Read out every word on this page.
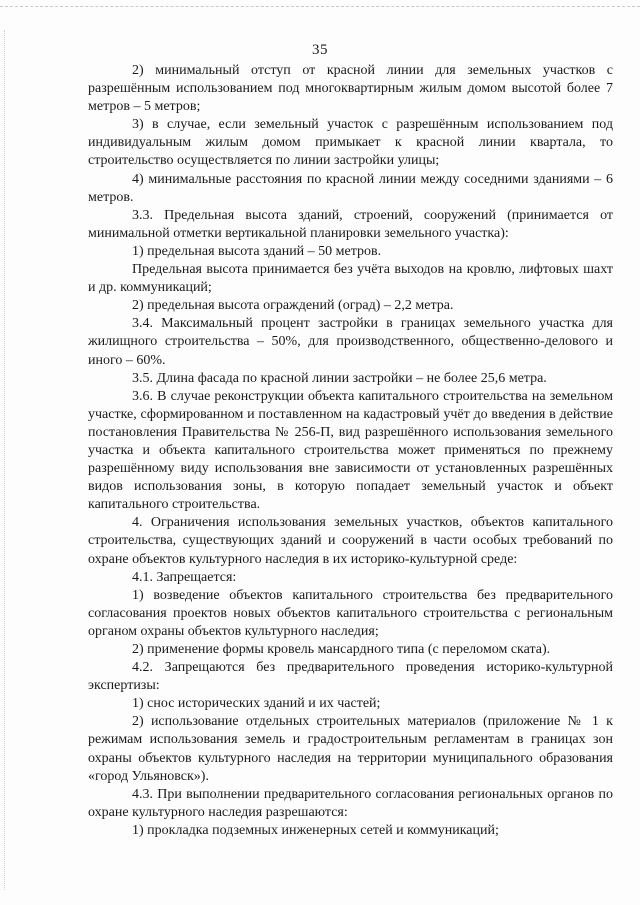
35

2) минимальный отступ от красной линии для земельных участков с разрешённым использованием под многоквартирным жилым домом высотой более 7 метров – 5 метров;

3) в случае, если земельный участок с разрешённым использованием под индивидуальным жилым домом примыкает к красной линии квартала, то строительство осуществляется по линии застройки улицы;

4) минимальные расстояния по красной линии между соседними зданиями – 6 метров.

3.3. Предельная высота зданий, строений, сооружений (принимается от минимальной отметки вертикальной планировки земельного участка):

1) предельная высота зданий – 50 метров.

Предельная высота принимается без учёта выходов на кровлю, лифтовых шахт и др. коммуникаций;

2) предельная высота ограждений (оград) – 2,2 метра.

3.4. Максимальный процент застройки в границах земельного участка для жилищного строительства – 50%, для производственного, общественно-делового и иного – 60%.

3.5. Длина фасада по красной линии застройки – не более 25,6 метра.

3.6. В случае реконструкции объекта капитального строительства на земельном участке, сформированном и поставленном на кадастровый учёт до введения в действие постановления Правительства № 256-П, вид разрешённого использования земельного участка и объекта капитального строительства может применяться по прежнему разрешённому виду использования вне зависимости от установленных разрешённых видов использования зоны, в которую попадает земельный участок и объект капитального строительства.

4. Ограничения использования земельных участков, объектов капитального строительства, существующих зданий и сооружений в части особых требований по охране объектов культурного наследия в их историко-культурной среде:

4.1. Запрещается:

1) возведение объектов капитального строительства без предварительного согласования проектов новых объектов капитального строительства с региональным органом охраны объектов культурного наследия;

2) применение формы кровель мансардного типа (с переломом ската).

4.2. Запрещаются без предварительного проведения историко-культурной экспертизы:

1) снос исторических зданий и их частей;

2) использование отдельных строительных материалов (приложение № 1 к режимам использования земель и градостроительным регламентам в границах зон охраны объектов культурного наследия на территории муниципального образования «город Ульяновск»).

4.3. При выполнении предварительного согласования региональных органов по охране культурного наследия разрешаются:

1) прокладка подземных инженерных сетей и коммуникаций;
